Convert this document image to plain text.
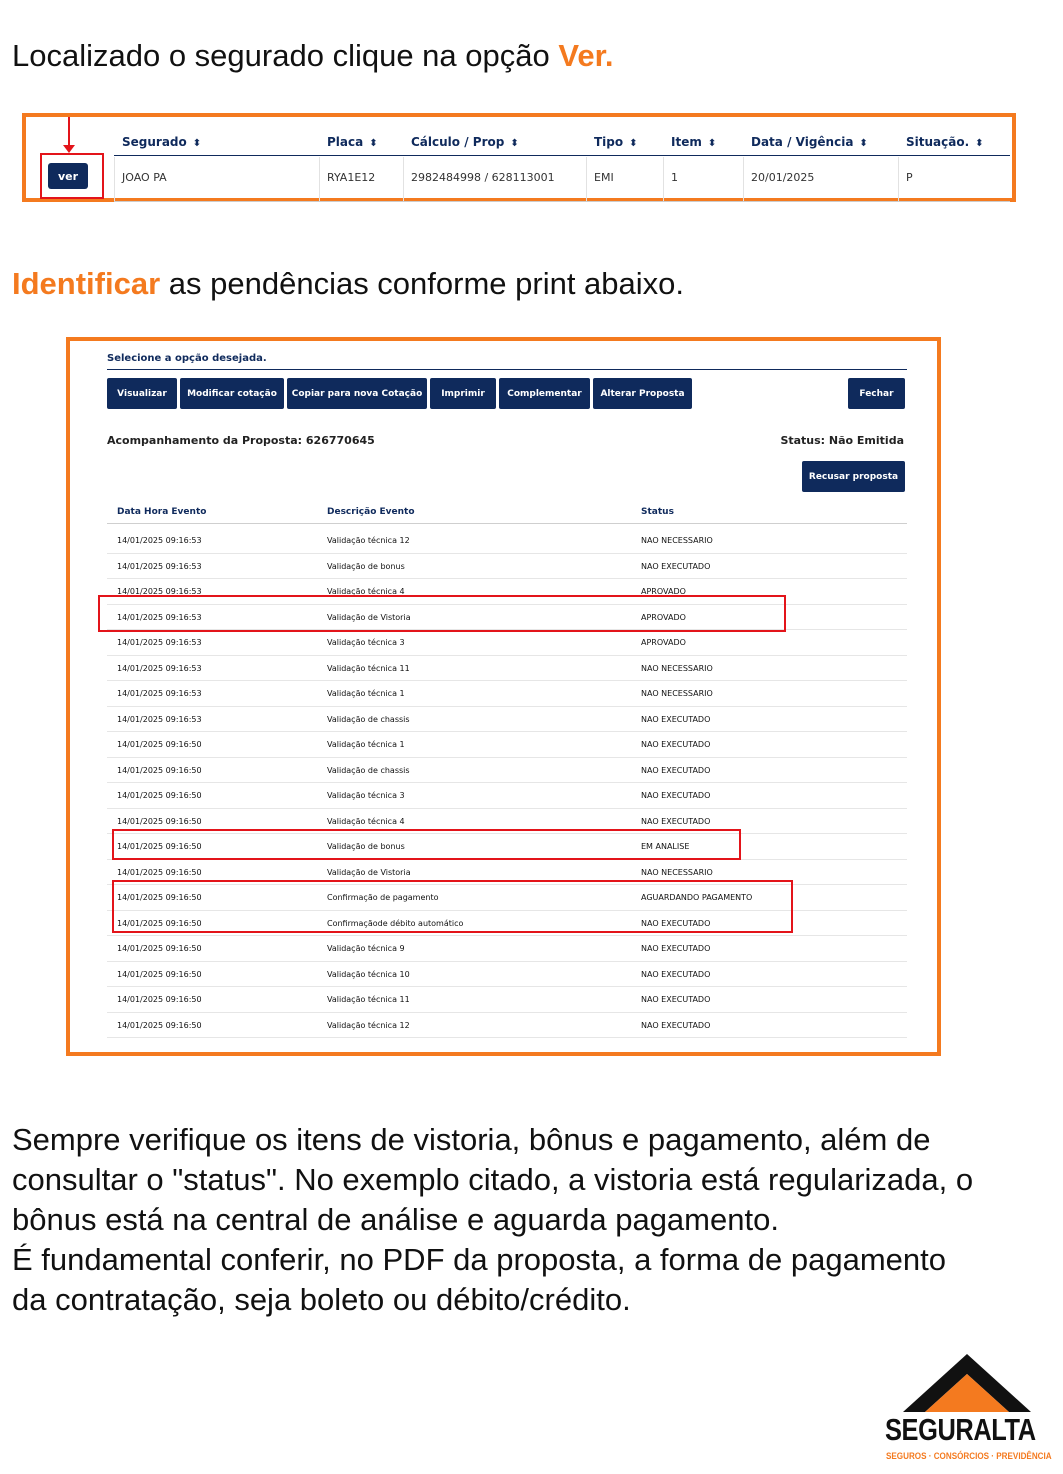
Localizado o segurado clique na opção Ver.
Segurado ⬍	Placa ⬍	Cálculo / Prop ⬍	Tipo ⬍	Item ⬍	Data / Vigência ⬍	Situação. ⬍
JOAO PA	RYA1E12	2982484998 / 628113001	EMI	1	20/01/2025	P
ver
Identificar as pendências conforme print abaixo.
Selecione a opção desejada.
Visualizar	Modificar cotação	Copiar para nova Cotação	Imprimir	Complementar	Alterar Proposta	Fechar
Acompanhamento da Proposta: 626770645	Status: Não Emitida
Recusar proposta
Data Hora Evento	Descrição Evento	Status
14/01/2025 09:16:53	Validação técnica 12	NAO NECESSARIO
14/01/2025 09:16:53	Validação de bonus	NAO EXECUTADO
14/01/2025 09:16:53	Validação técnica 4	APROVADO
14/01/2025 09:16:53	Validação de Vistoria	APROVADO
14/01/2025 09:16:53	Validação técnica 3	APROVADO
14/01/2025 09:16:53	Validação técnica 11	NAO NECESSARIO
14/01/2025 09:16:53	Validação técnica 1	NAO NECESSARIO
14/01/2025 09:16:53	Validação de chassis	NAO EXECUTADO
14/01/2025 09:16:50	Validação técnica 1	NAO EXECUTADO
14/01/2025 09:16:50	Validação de chassis	NAO EXECUTADO
14/01/2025 09:16:50	Validação técnica 3	NAO EXECUTADO
14/01/2025 09:16:50	Validação técnica 4	NAO EXECUTADO
14/01/2025 09:16:50	Validação de bonus	EM ANALISE
14/01/2025 09:16:50	Validação de Vistoria	NAO NECESSARIO
14/01/2025 09:16:50	Confirmação de pagamento	AGUARDANDO PAGAMENTO
14/01/2025 09:16:50	Confirmaçãode débito automático	NAO EXECUTADO
14/01/2025 09:16:50	Validação técnica 9	NAO EXECUTADO
14/01/2025 09:16:50	Validação técnica 10	NAO EXECUTADO
14/01/2025 09:16:50	Validação técnica 11	NAO EXECUTADO
14/01/2025 09:16:50	Validação técnica 12	NAO EXECUTADO
Sempre verifique os itens de vistoria, bônus e pagamento, além de
consultar o "status". No exemplo citado, a vistoria está regularizada, o
bônus está na central de análise e aguarda pagamento.
É fundamental conferir, no PDF da proposta, a forma de pagamento
da contratação, seja boleto ou débito/crédito.
SEGURALTA
SEGUROS · CONSÓRCIOS · PREVIDÊNCIA
